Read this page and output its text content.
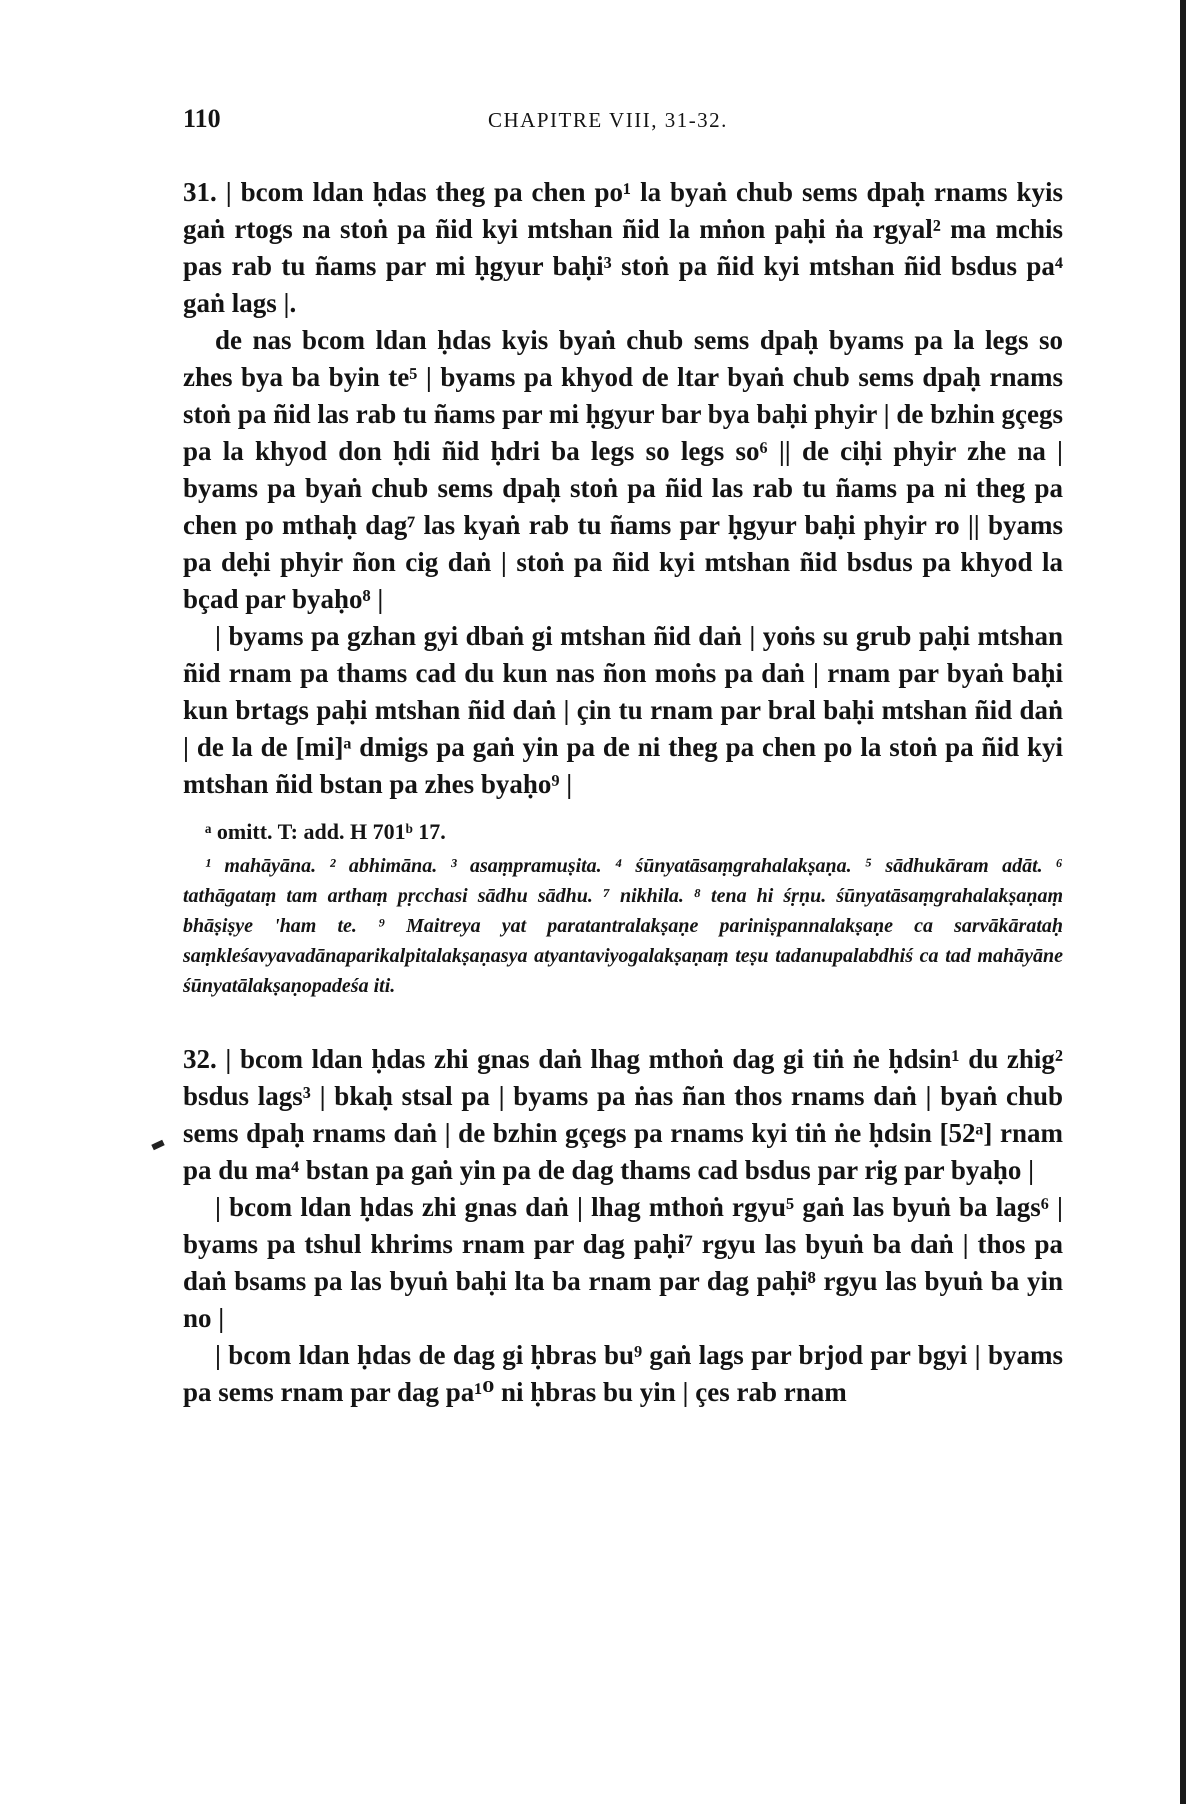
110	CHAPITRE VIII, 31-32.

31. | bcom ldan ḥdas theg pa chen po¹ la byaṅ chub sems dpaḥ rnams kyis gaṅ rtogs na stoṅ pa ñid kyi mtshan ñid la mṅon paḥi ṅa rgyal² ma mchis pas rab tu ñams par mi ḥgyur baḥi³ stoṅ pa ñid kyi mtshan ñid bsdus pa⁴ gaṅ lags |.

de nas bcom ldan ḥdas kyis byaṅ chub sems dpaḥ byams pa la legs so zhes bya ba byin te⁵ | byams pa khyod de ltar byaṅ chub sems dpaḥ rnams stoṅ pa ñid las rab tu ñams par mi ḥgyur bar bya baḥi phyir | de bzhin gçegs pa la khyod don ḥdi ñid ḥdri ba legs so legs so⁶ || de ciḥi phyir zhe na | byams pa byaṅ chub sems dpaḥ stoṅ pa ñid las rab tu ñams pa ni theg pa chen po mthaḥ dag⁷ las kyaṅ rab tu ñams par ḥgyur baḥi phyir ro || byams pa deḥi phyir ñon cig daṅ | stoṅ pa ñid kyi mtshan ñid bsdus pa khyod la bçad par byaḥo⁸ |

| byams pa gzhan gyi dbaṅ gi mtshan ñid daṅ | yoṅs su grub paḥi mtshan ñid rnam pa thams cad du kun nas ñon moṅs pa daṅ | rnam par byaṅ baḥi kun brtags paḥi mtshan ñid daṅ | çin tu rnam par bral baḥi mtshan ñid daṅ | de la de [mi]ᵃ dmigs pa gaṅ yin pa de ni theg pa chen po la stoṅ pa ñid kyi mtshan ñid bstan pa zhes byaḥo⁹ |

ᵃ omitt. T: add. H 701ᵇ 17.

¹ mahāyāna. ² abhimāna. ³ asaṃpramuṣita. ⁴ śūnyatāsaṃgrahalakṣaṇa. ⁵ sādhukāram adāt. ⁶ tathāgataṃ tam arthaṃ pṛcchasi sādhu sādhu. ⁷ nikhila. ⁸ tena hi śṛṇu. śūnyatāsaṃgrahalakṣaṇaṃ bhāṣiṣye 'ham te. ⁹ Maitreya yat paratantralakṣaṇe pariniṣpannalakṣaṇe ca sarvākārataḥ saṃkleśavyavadānaparikalpitalakṣaṇasya atyantaviyogalakṣaṇaṃ teṣu tadanupalabdhiś ca tad mahāyāne śūnyatālakṣaṇopadeśa iti.

32. | bcom ldan ḥdas zhi gnas daṅ lhag mthoṅ dag gi tiṅ ṅe ḥdsin¹ du zhig² bsdus lags³ | bkaḥ stsal pa | byams pa ṅas ñan thos rnams daṅ | byaṅ chub sems dpaḥ rnams daṅ | de bzhin gçegs pa rnams kyi tiṅ ṅe ḥdsin [52ᵃ] rnam pa du ma⁴ bstan pa gaṅ yin pa de dag thams cad bsdus par rig par byaḥo |

| bcom ldan ḥdas zhi gnas daṅ | lhag mthoṅ rgyu⁵ gaṅ las byuṅ ba lags⁶ | byams pa tshul khrims rnam par dag paḥi⁷ rgyu las byuṅ ba daṅ | thos pa daṅ bsams pa las byuṅ baḥi lta ba rnam par dag paḥi⁸ rgyu las byuṅ ba yin no |

| bcom ldan ḥdas de dag gi ḥbras bu⁹ gaṅ lags par brjod par bgyi | byams pa sems rnam par dag pa¹⁰ ni ḥbras bu yin | çes rab rnam
